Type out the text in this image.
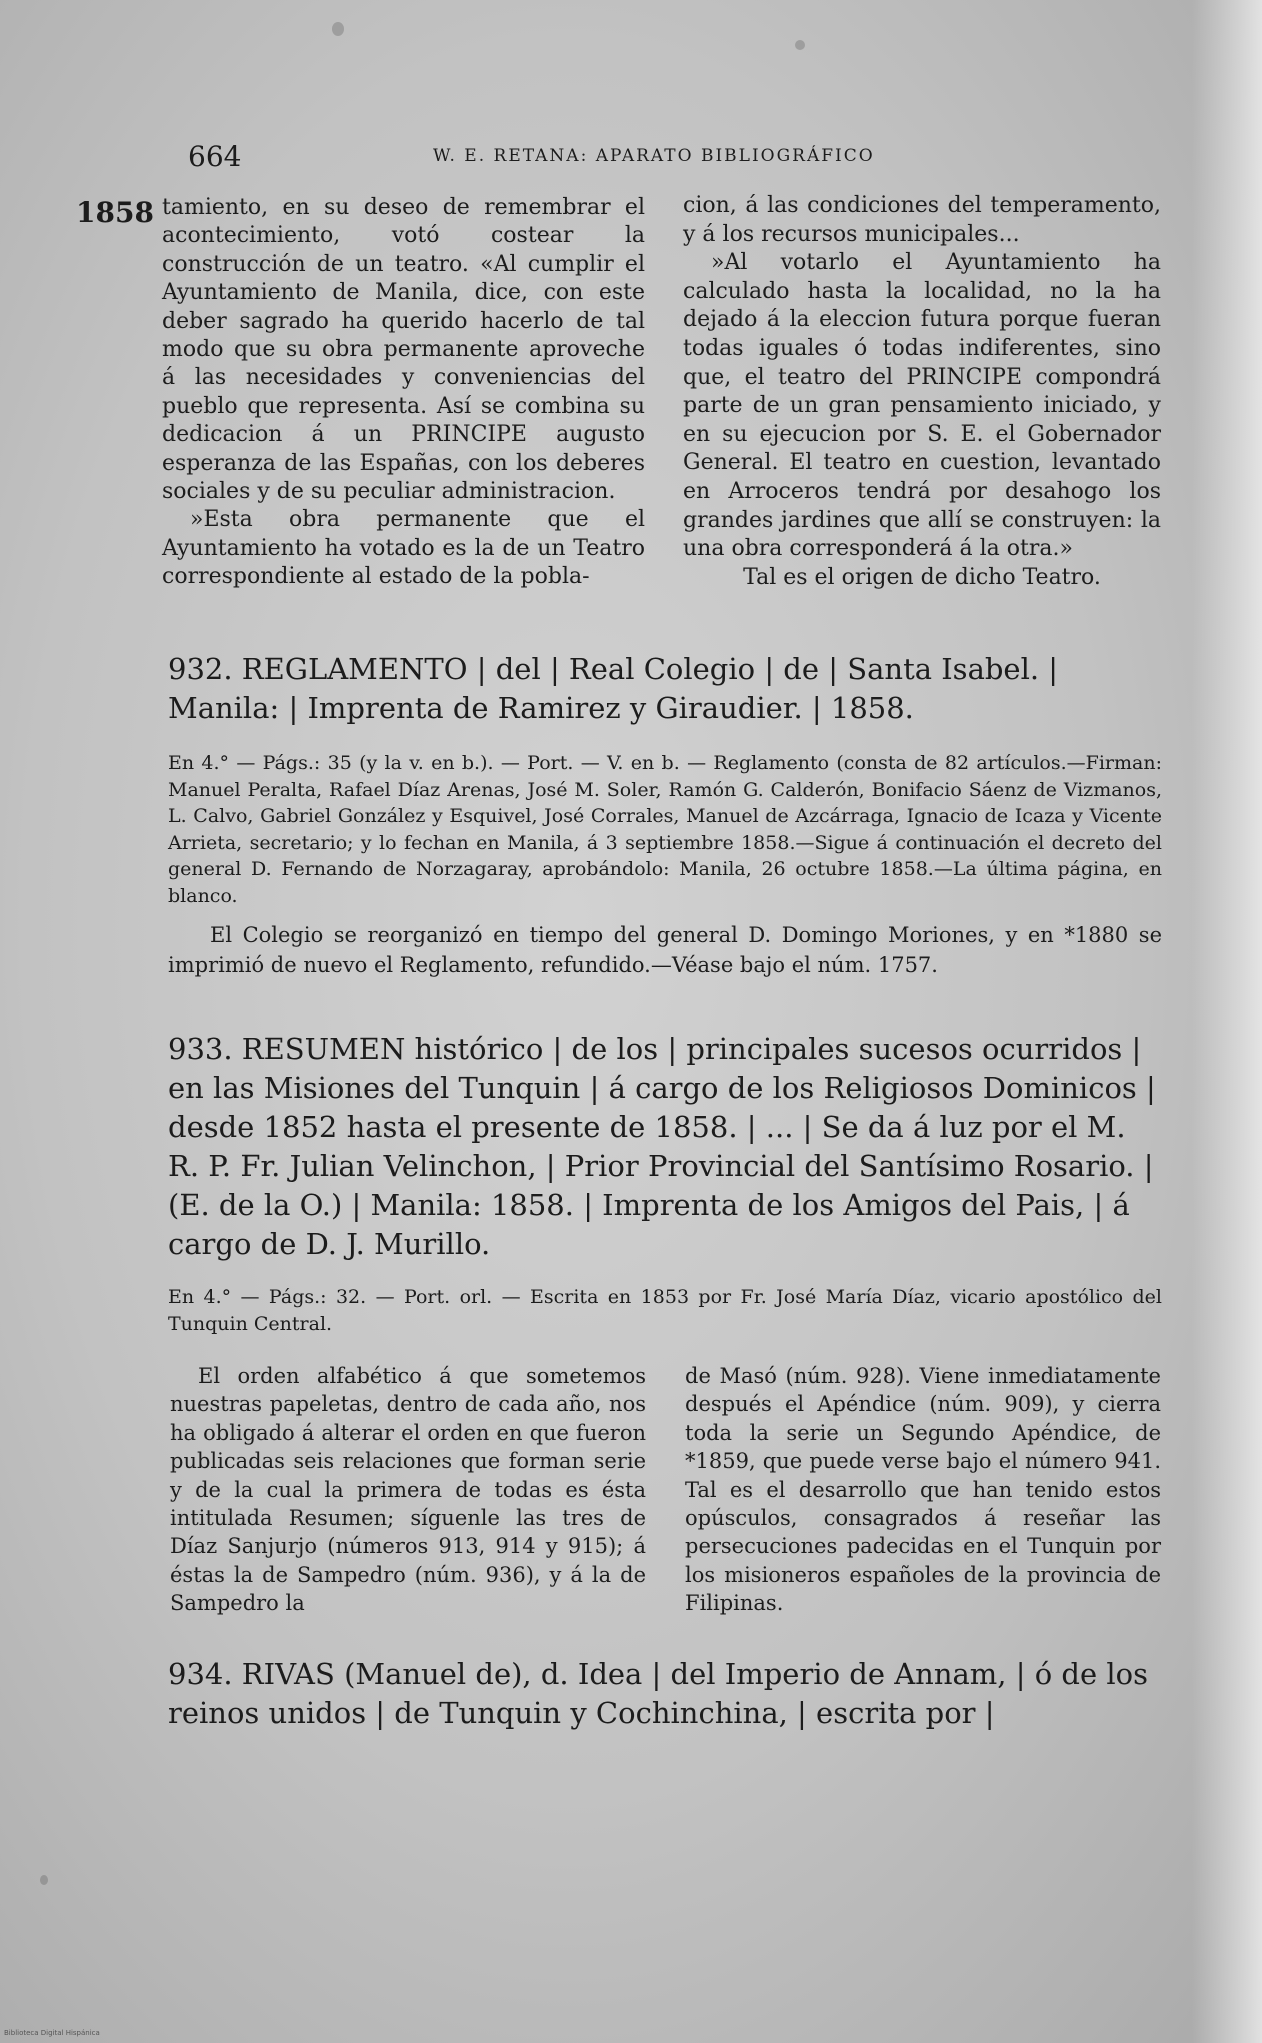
664	W. E. RETANA: APARATO BIBLIOGRÁFICO
1858 tamiento, en su deseo de remembrar el acontecimiento, votó costear la construcción de un teatro. «Al cumplir el Ayuntamiento de Manila, dice, con este deber sagrado ha querido hacerlo de tal modo que su obra permanente aproveche á las necesidades y conveniencias del pueblo que representa. Así se combina su dedicacion á un PRINCIPE augusto esperanza de las Españas, con los deberes sociales y de su peculiar administracion.

»Esta obra permanente que el Ayuntamiento ha votado es la de un Teatro correspondiente al estado de la pobla-

cion, á las condiciones del temperamento, y á los recursos municipales...

»Al votarlo el Ayuntamiento ha calculado hasta la localidad, no la ha dejado á la eleccion futura porque fueran todas iguales ó todas indiferentes, sino que, el teatro del PRINCIPE compondrá parte de un gran pensamiento iniciado, y en su ejecucion por S. E. el Gobernador General. El teatro en cuestion, levantado en Arroceros tendrá por desahogo los grandes jardines que allí se construyen: la una obra corresponderá á la otra.»

Tal es el origen de dicho Teatro.

932. REGLAMENTO | del | Real Colegio | de | Santa Isabel. | Manila: | Imprenta de Ramirez y Giraudier. | 1858.

En 4.° — Págs.: 35 (y la v. en b.). — Port. — V. en b. — Reglamento (consta de 82 artículos.—Firman: Manuel Peralta, Rafael Díaz Arenas, José M. Soler, Ramón G. Calderón, Bonifacio Sáenz de Vizmanos, L. Calvo, Gabriel González y Esquivel, José Corrales, Manuel de Azcárraga, Ignacio de Icaza y Vicente Arrieta, secretario; y lo fechan en Manila, á 3 septiembre 1858.—Sigue á continuación el decreto del general D. Fernando de Norzagaray, aprobándolo: Manila, 26 octubre 1858.—La última página, en blanco.

El Colegio se reorganizó en tiempo del general D. Domingo Moriones, y en *1880 se imprimió de nuevo el Reglamento, refundido.—Véase bajo el núm. 1757.

933. RESUMEN histórico | de los | principales sucesos ocurridos | en las Misiones del Tunquin | á cargo de los Religiosos Dominicos | desde 1852 hasta el presente de 1858. | ... | Se da á luz por el M. R. P. Fr. Julian Velinchon, | Prior Provincial del Santísimo Rosario. | (E. de la O.) | Manila: 1858. | Imprenta de los Amigos del Pais, | á cargo de D. J. Murillo.

En 4.° — Págs.: 32. — Port. orl. — Escrita en 1853 por Fr. José María Díaz, vicario apostólico del Tunquin Central.

El orden alfabético á que sometemos nuestras papeletas, dentro de cada año, nos ha obligado á alterar el orden en que fueron publicadas seis relaciones que forman serie y de la cual la primera de todas es ésta intitulada Resumen; síguenle las tres de Díaz Sanjurjo (números 913, 914 y 915); á éstas la de Sampedro (núm. 936), y á la de Sampedro la

de Masó (núm. 928). Viene inmediatamente después el Apéndice (núm. 909), y cierra toda la serie un Segundo Apéndice, de *1859, que puede verse bajo el número 941. Tal es el desarrollo que han tenido estos opúsculos, consagrados á reseñar las persecuciones padecidas en el Tunquin por los misioneros españoles de la provincia de Filipinas.

934. RIVAS (Manuel de), d. Idea | del Imperio de Annam, | ó de los reinos unidos | de Tunquin y Cochinchina, | escrita por |

Biblioteca Digital Hispánica
